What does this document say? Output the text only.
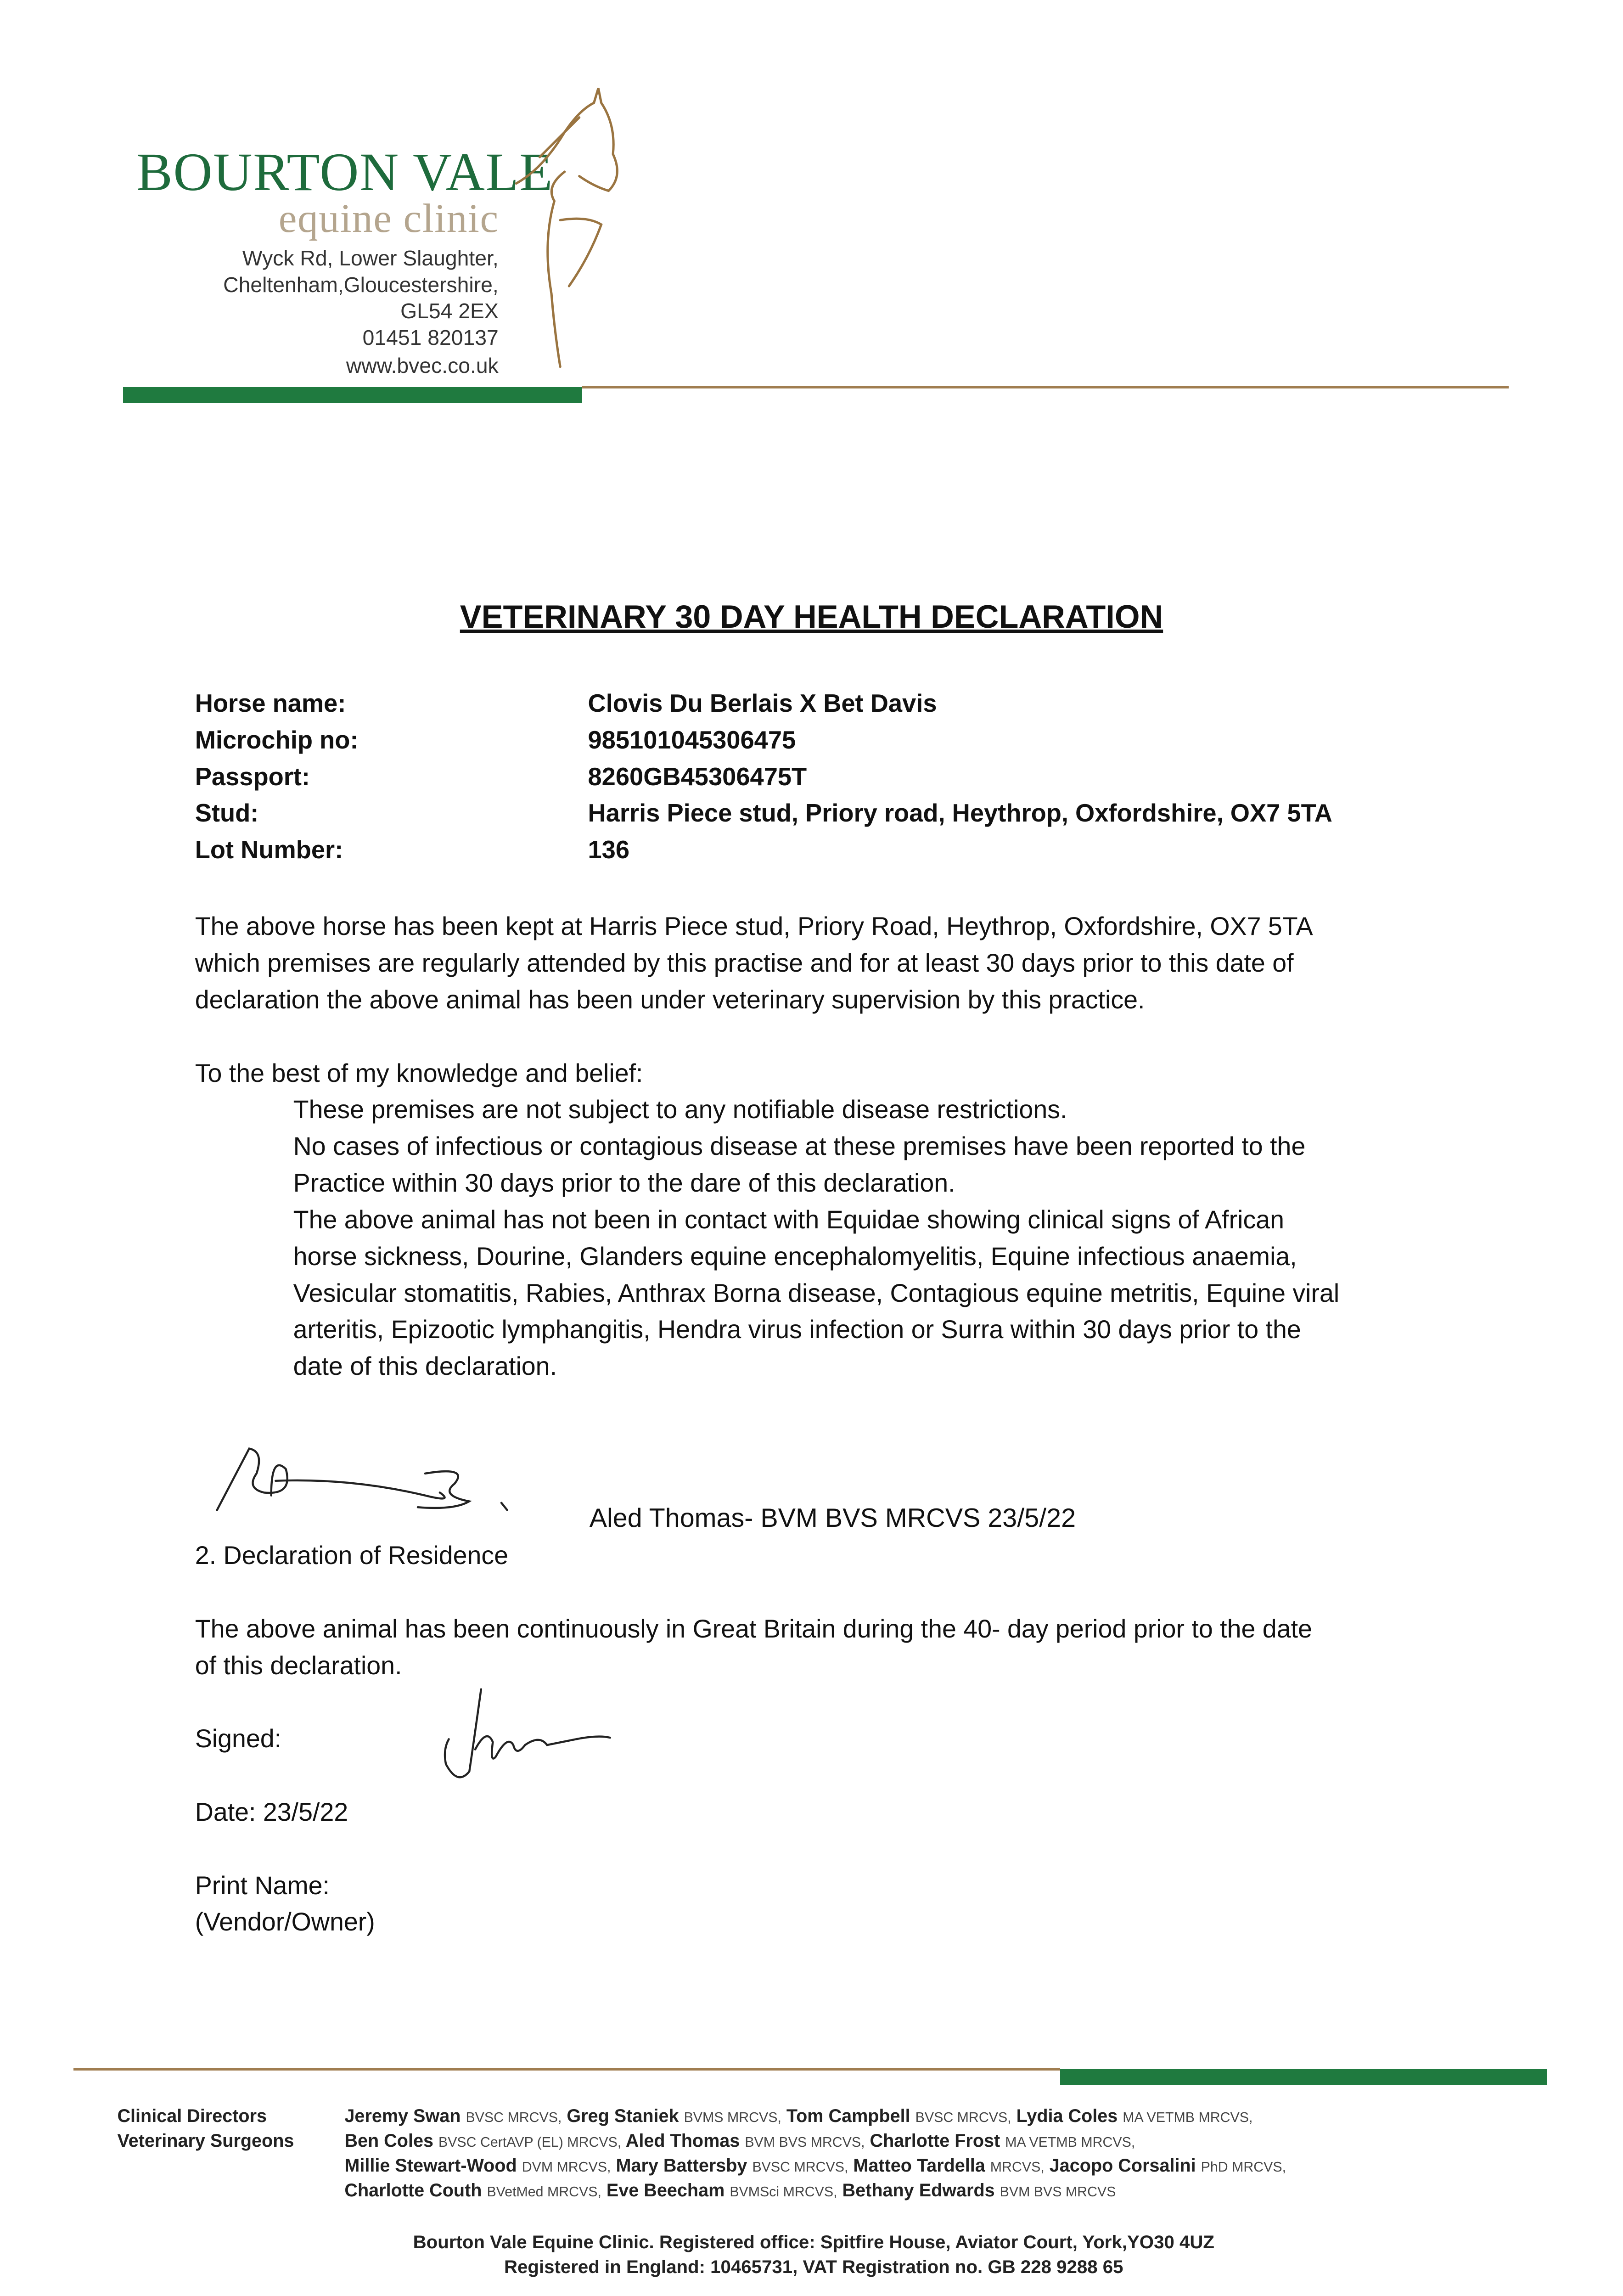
BOURTON VALE
equine clinic
Wyck Rd, Lower Slaughter,
Cheltenham,Gloucestershire,
GL54 2EX
01451 820137
www.bvec.co.uk
VETERINARY 30 DAY HEALTH DECLARATION
Horse name:	Clovis Du Berlais X Bet Davis
Microchip no:	985101045306475
Passport:	8260GB45306475T
Stud:	Harris Piece stud, Priory road, Heythrop, Oxfordshire, OX7 5TA
Lot Number:	136
The above horse has been kept at Harris Piece stud, Priory Road, Heythrop, Oxfordshire, OX7 5TA
which premises are regularly attended by this practise and for at least 30 days prior to this date of
declaration the above animal has been under veterinary supervision by this practice.
To the best of my knowledge and belief:
These premises are not subject to any notifiable disease restrictions.
No cases of infectious or contagious disease at these premises have been reported to the
Practice within 30 days prior to the dare of this declaration.
The above animal has not been in contact with Equidae showing clinical signs of African
horse sickness, Dourine, Glanders equine encephalomyelitis, Equine infectious anaemia,
Vesicular stomatitis, Rabies, Anthrax Borna disease, Contagious equine metritis, Equine viral
arteritis, Epizootic lymphangitis, Hendra virus infection or Surra within 30 days prior to the
date of this declaration.
Aled Thomas- BVM BVS MRCVS 23/5/22
2. Declaration of Residence
The above animal has been continuously in Great Britain during the 40- day period prior to the date
of this declaration.
Signed:
Date: 23/5/22
Print Name:
(Vendor/Owner)
Clinical Directors
Veterinary Surgeons
Jeremy Swan BVSC MRCVS, Greg Staniek BVMS MRCVS, Tom Campbell BVSC MRCVS, Lydia Coles MA VETMB MRCVS,
Ben Coles BVSC CertAVP (EL) MRCVS, Aled Thomas BVM BVS MRCVS, Charlotte Frost MA VETMB MRCVS,
Millie Stewart-Wood DVM MRCVS, Mary Battersby BVSC MRCVS, Matteo Tardella MRCVS, Jacopo Corsalini PhD MRCVS,
Charlotte Couth BVetMed MRCVS, Eve Beecham BVMSci MRCVS, Bethany Edwards BVM BVS MRCVS
Bourton Vale Equine Clinic. Registered office: Spitfire House, Aviator Court, York,YO30 4UZ
Registered in England: 10465731, VAT Registration no. GB 228 9288 65
